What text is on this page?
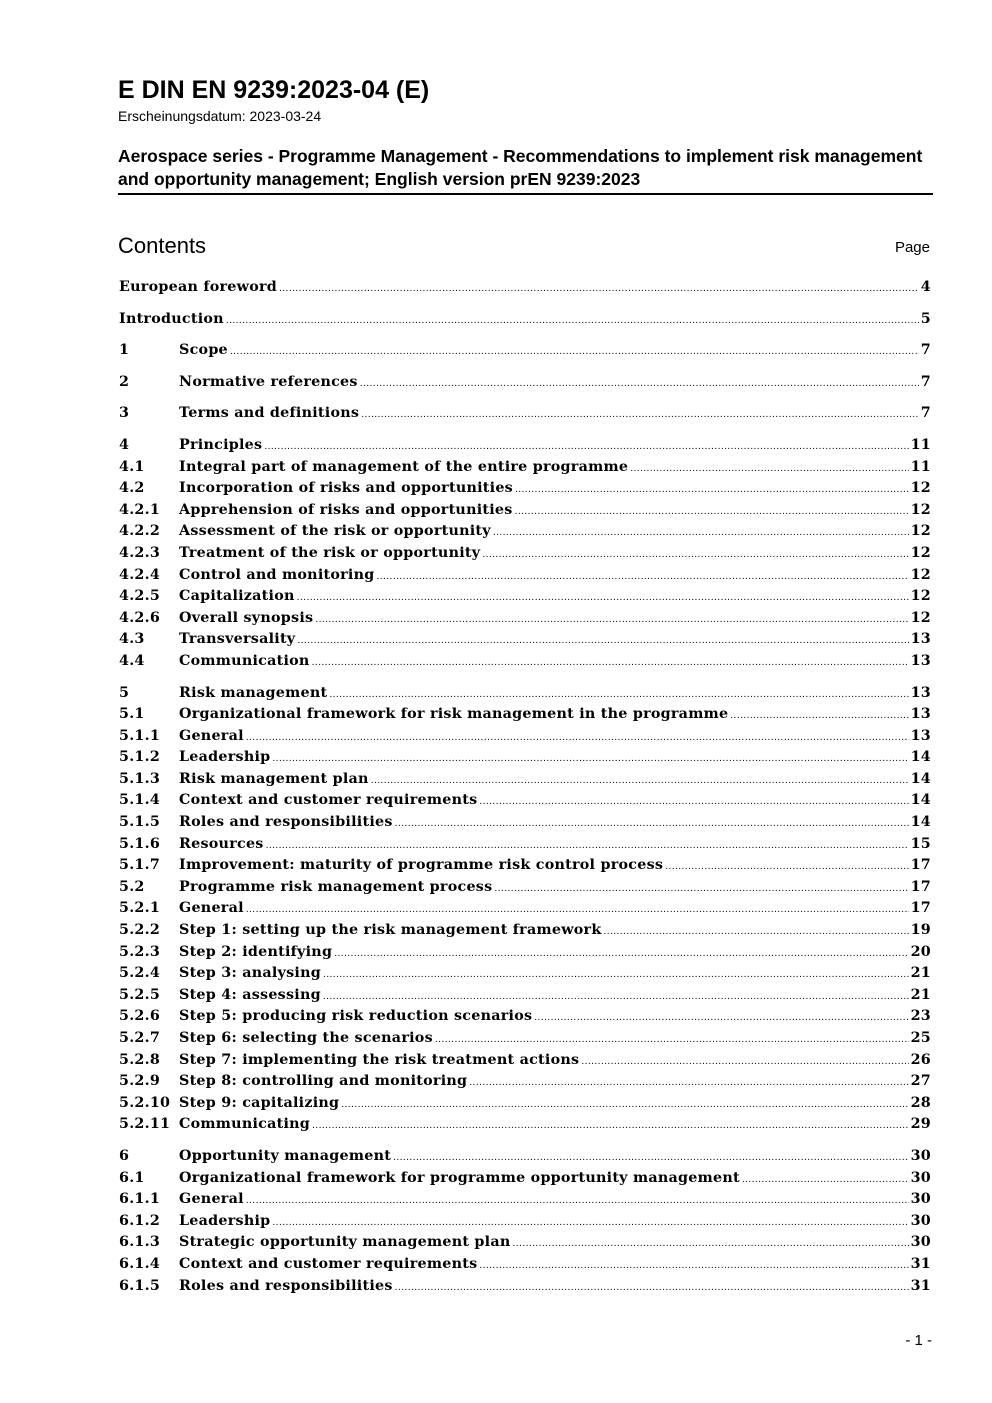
E DIN EN 9239:2023-04 (E)
Erscheinungsdatum: 2023-03-24
Aerospace series - Programme Management - Recommendations to implement risk management and opportunity management; English version prEN 9239:2023
Contents	Page
European foreword .....	4
Introduction .....	5
1	Scope .....	7
2	Normative references .....	7
3	Terms and definitions .....	7
4	Principles .....	11
4.1	Integral part of management of the entire programme .....	11
4.2	Incorporation of risks and opportunities .....	12
4.2.1	Apprehension of risks and opportunities .....	12
4.2.2	Assessment of the risk or opportunity .....	12
4.2.3	Treatment of the risk or opportunity .....	12
4.2.4	Control and monitoring .....	12
4.2.5	Capitalization .....	12
4.2.6	Overall synopsis .....	12
4.3	Transversality .....	13
4.4	Communication .....	13
5	Risk management .....	13
5.1	Organizational framework for risk management in the programme .....	13
5.1.1	General .....	13
5.1.2	Leadership .....	14
5.1.3	Risk management plan .....	14
5.1.4	Context and customer requirements .....	14
5.1.5	Roles and responsibilities .....	14
5.1.6	Resources .....	15
5.1.7	Improvement: maturity of programme risk control process .....	17
5.2	Programme risk management process .....	17
5.2.1	General .....	17
5.2.2	Step 1: setting up the risk management framework .....	19
5.2.3	Step 2: identifying .....	20
5.2.4	Step 3: analysing .....	21
5.2.5	Step 4: assessing .....	21
5.2.6	Step 5: producing risk reduction scenarios .....	23
5.2.7	Step 6: selecting the scenarios .....	25
5.2.8	Step 7: implementing the risk treatment actions .....	26
5.2.9	Step 8: controlling and monitoring .....	27
5.2.10 Step 9: capitalizing .....	28
5.2.11 Communicating .....	29
6	Opportunity management .....	30
6.1	Organizational framework for programme opportunity management .....	30
6.1.1	General .....	30
6.1.2	Leadership .....	30
6.1.3	Strategic opportunity management plan .....	30
6.1.4	Context and customer requirements .....	31
6.1.5	Roles and responsibilities .....	31
- 1 -
